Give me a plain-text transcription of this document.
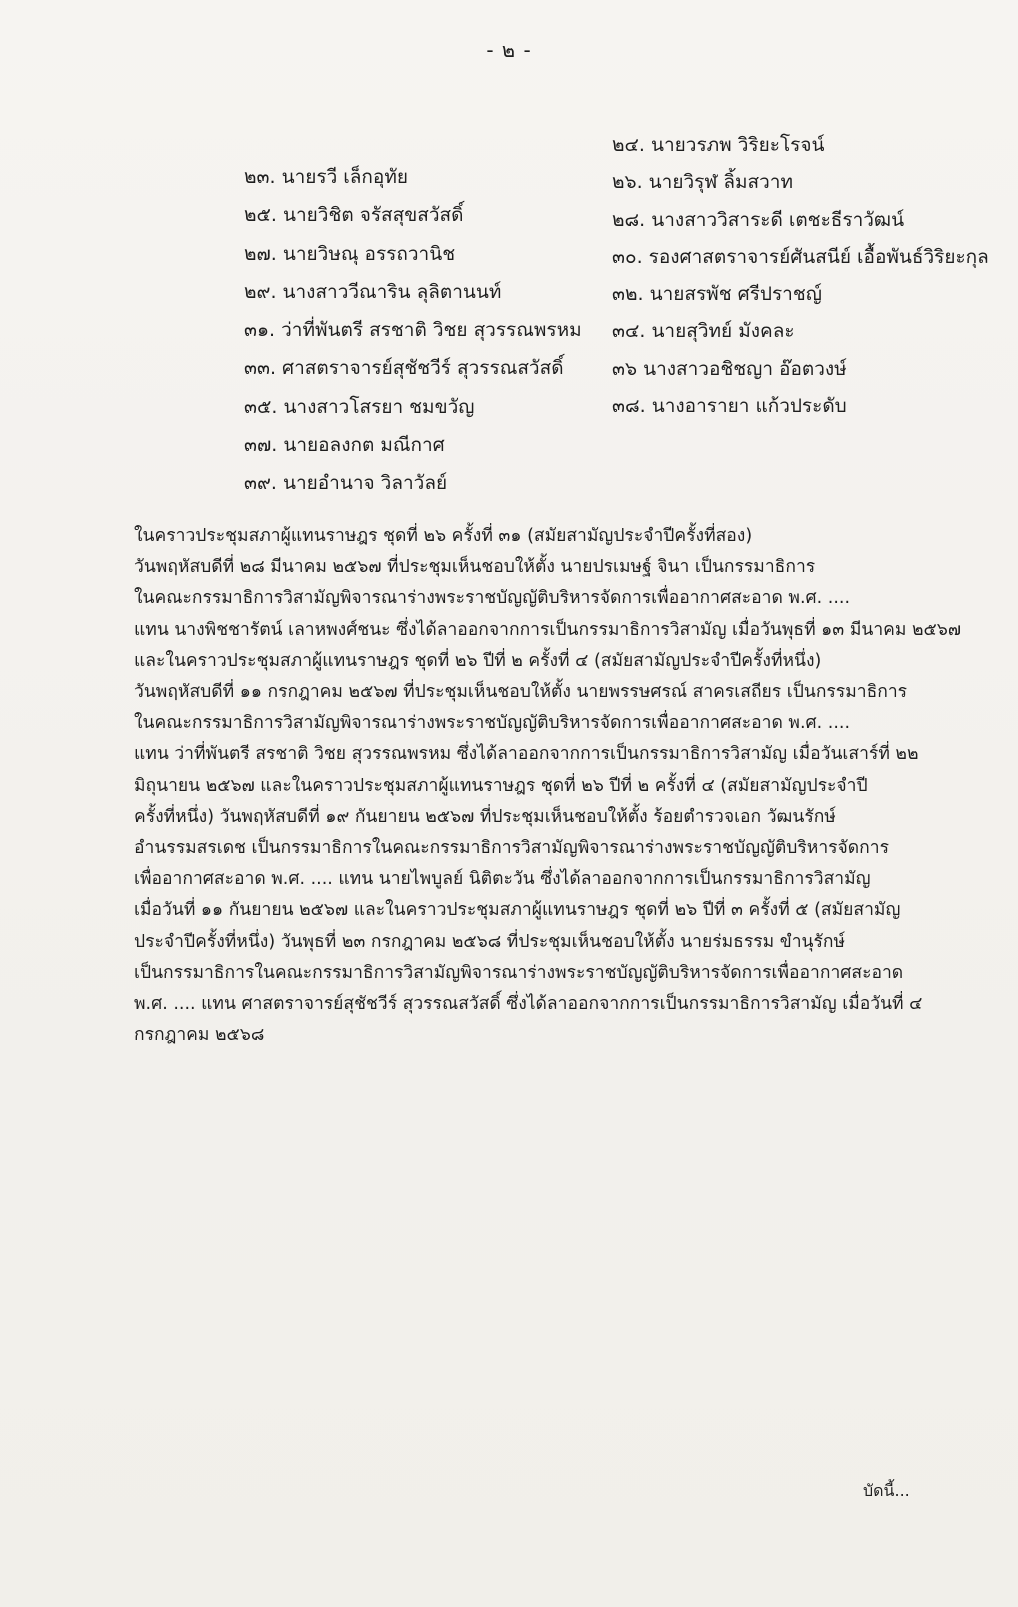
- ๒ -
๒๓. นายรวี เล็กอุทัย
๒๕. นายวิชิต จรัสสุขสวัสดิ์
๒๗. นายวิษณุ อรรถวานิช
๒๙. นางสาววีณาริน ลุลิตานนท์
๓๑. ว่าที่พันตรี สรชาติ วิชย สุวรรณพรหม
๓๓. ศาสตราจารย์สุชัชวีร์ สุวรรณสวัสดิ์
๓๕. นางสาวโสรยา ชมขวัญ
๓๗. นายอลงกต มณีกาศ
๓๙. นายอำนาจ วิลาวัลย์
๒๔. นายวรภพ วิริยะโรจน์
๒๖. นายวิรุฬ ลิ้มสวาท
๒๘. นางสาววิสาระดี เตชะธีราวัฒน์
๓๐. รองศาสตราจารย์ศันสนีย์ เอื้อพันธ์วิริยะกุล
๓๒. นายสรพัช ศรีปราชญ์
๓๔. นายสุวิทย์ มังคละ
๓๖ นางสาวอชิชญา อ๊อตวงษ์
๓๘. นางอารายา แก้วประดับ

ในคราวประชุมสภาผู้แทนราษฎร ชุดที่ ๒๖ ครั้งที่ ๓๑ (สมัยสามัญประจำปีครั้งที่สอง)
วันพฤหัสบดีที่ ๒๘ มีนาคม ๒๕๖๗ ที่ประชุมเห็นชอบให้ตั้ง นายปรเมษฐ์ จินา เป็นกรรมาธิการ
ในคณะกรรมาธิการวิสามัญพิจารณาร่างพระราชบัญญัติบริหารจัดการเพื่ออากาศสะอาด พ.ศ. ....
แทน นางพิชชารัตน์ เลาหพงศ์ชนะ ซึ่งได้ลาออกจากการเป็นกรรมาธิการวิสามัญ เมื่อวันพุธที่ ๑๓ มีนาคม ๒๕๖๗
และในคราวประชุมสภาผู้แทนราษฎร ชุดที่ ๒๖ ปีที่ ๒ ครั้งที่ ๔ (สมัยสามัญประจำปีครั้งที่หนึ่ง)
วันพฤหัสบดีที่ ๑๑ กรกฎาคม ๒๕๖๗ ที่ประชุมเห็นชอบให้ตั้ง นายพรรษศรณ์ สาครเสถียร เป็นกรรมาธิการ
ในคณะกรรมาธิการวิสามัญพิจารณาร่างพระราชบัญญัติบริหารจัดการเพื่ออากาศสะอาด พ.ศ. ....
แทน ว่าที่พันตรี สรชาติ วิชย สุวรรณพรหม ซึ่งได้ลาออกจากการเป็นกรรมาธิการวิสามัญ เมื่อวันเสาร์ที่ ๒๒
มิถุนายน ๒๕๖๗ และในคราวประชุมสภาผู้แทนราษฎร ชุดที่ ๒๖ ปีที่ ๒ ครั้งที่ ๔ (สมัยสามัญประจำปี
ครั้งที่หนึ่ง) วันพฤหัสบดีที่ ๑๙ กันยายน ๒๕๖๗ ที่ประชุมเห็นชอบให้ตั้ง ร้อยตำรวจเอก วัฒนรักษ์
อำนรรมสรเดช เป็นกรรมาธิการในคณะกรรมาธิการวิสามัญพิจารณาร่างพระราชบัญญัติบริหารจัดการ
เพื่ออากาศสะอาด พ.ศ. .... แทน นายไพบูลย์ นิติตะวัน ซึ่งได้ลาออกจากการเป็นกรรมาธิการวิสามัญ
เมื่อวันที่ ๑๑ กันยายน ๒๕๖๗ และในคราวประชุมสภาผู้แทนราษฎร ชุดที่ ๒๖ ปีที่ ๓ ครั้งที่ ๕ (สมัยสามัญ
ประจำปีครั้งที่หนึ่ง) วันพุธที่ ๒๓ กรกฎาคม ๒๕๖๘ ที่ประชุมเห็นชอบให้ตั้ง นายร่มธรรม ขำนุรักษ์
เป็นกรรมาธิการในคณะกรรมาธิการวิสามัญพิจารณาร่างพระราชบัญญัติบริหารจัดการเพื่ออากาศสะอาด
พ.ศ. .... แทน ศาสตราจารย์สุชัชวีร์ สุวรรณสวัสดิ์ ซึ่งได้ลาออกจากการเป็นกรรมาธิการวิสามัญ เมื่อวันที่ ๔
กรกฎาคม ๒๕๖๘

บัดนี้...
